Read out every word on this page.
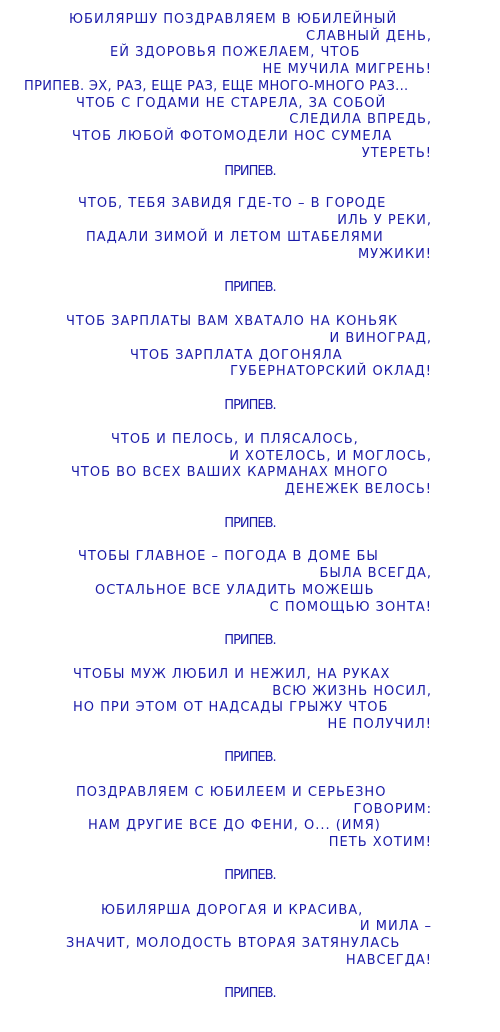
ЮБИЛЯРШУ ПОЗДРАВЛЯЕМ В ЮБИЛЕЙНЫЙ
СЛАВНЫЙ ДЕНЬ,
ЕЙ ЗДОРОВЬЯ ПОЖЕЛАЕМ, ЧТОБ
НЕ МУЧИЛА МИГРЕНЬ!
ПРИПЕВ. ЭХ, РАЗ, ЕЩЕ РАЗ, ЕЩЕ МНОГО-МНОГО РАЗ...
ЧТОБ С ГОДАМИ НЕ СТАРЕЛА, ЗА СОБОЙ
СЛЕДИЛА ВПРЕДЬ,
ЧТОБ ЛЮБОЙ ФОТОМОДЕЛИ НОС СУМЕЛА
УТЕРЕТЬ!
ПРИПЕВ.
ЧТОБ, ТЕБЯ ЗАВИДЯ ГДЕ-ТО – В ГОРОДЕ
ИЛЬ У РЕКИ,
ПАДАЛИ ЗИМОЙ И ЛЕТОМ ШТАБЕЛЯМИ
МУЖИКИ!
ПРИПЕВ.
ЧТОБ ЗАРПЛАТЫ ВАМ ХВАТАЛО НА КОНЬЯК
И ВИНОГРАД,
ЧТОБ ЗАРПЛАТА ДОГОНЯЛА
ГУБЕРНАТОРСКИЙ ОКЛАД!
ПРИПЕВ.
ЧТОБ И ПЕЛОСЬ, И ПЛЯСАЛОСЬ,
И ХОТЕЛОСЬ, И МОГЛОСЬ,
ЧТОБ ВО ВСЕХ ВАШИХ КАРМАНАХ МНОГО
ДЕНЕЖЕК ВЕЛОСЬ!
ПРИПЕВ.
ЧТОБЫ ГЛАВНОЕ – ПОГОДА В ДОМЕ БЫ
БЫЛА ВСЕГДА,
ОСТАЛЬНОЕ ВСЕ УЛАДИТЬ МОЖЕШЬ
С ПОМОЩЬЮ ЗОНТА!
ПРИПЕВ.
ЧТОБЫ МУЖ ЛЮБИЛ И НЕЖИЛ, НА РУКАХ
ВСЮ ЖИЗНЬ НОСИЛ,
НО ПРИ ЭТОМ ОТ НАДСАДЫ ГРЫЖУ ЧТОБ
НЕ ПОЛУЧИЛ!
ПРИПЕВ.
ПОЗДРАВЛЯЕМ С ЮБИЛЕЕМ И СЕРЬЕЗНО
ГОВОРИМ:
НАМ ДРУГИЕ ВСЕ ДО ФЕНИ, О... (ИМЯ)
ПЕТЬ ХОТИМ!
ПРИПЕВ.
ЮБИЛЯРША ДОРОГАЯ И КРАСИВА,
И МИЛА –
ЗНАЧИТ, МОЛОДОСТЬ ВТОРАЯ ЗАТЯНУЛАСЬ
НАВСЕГДА!
ПРИПЕВ.
